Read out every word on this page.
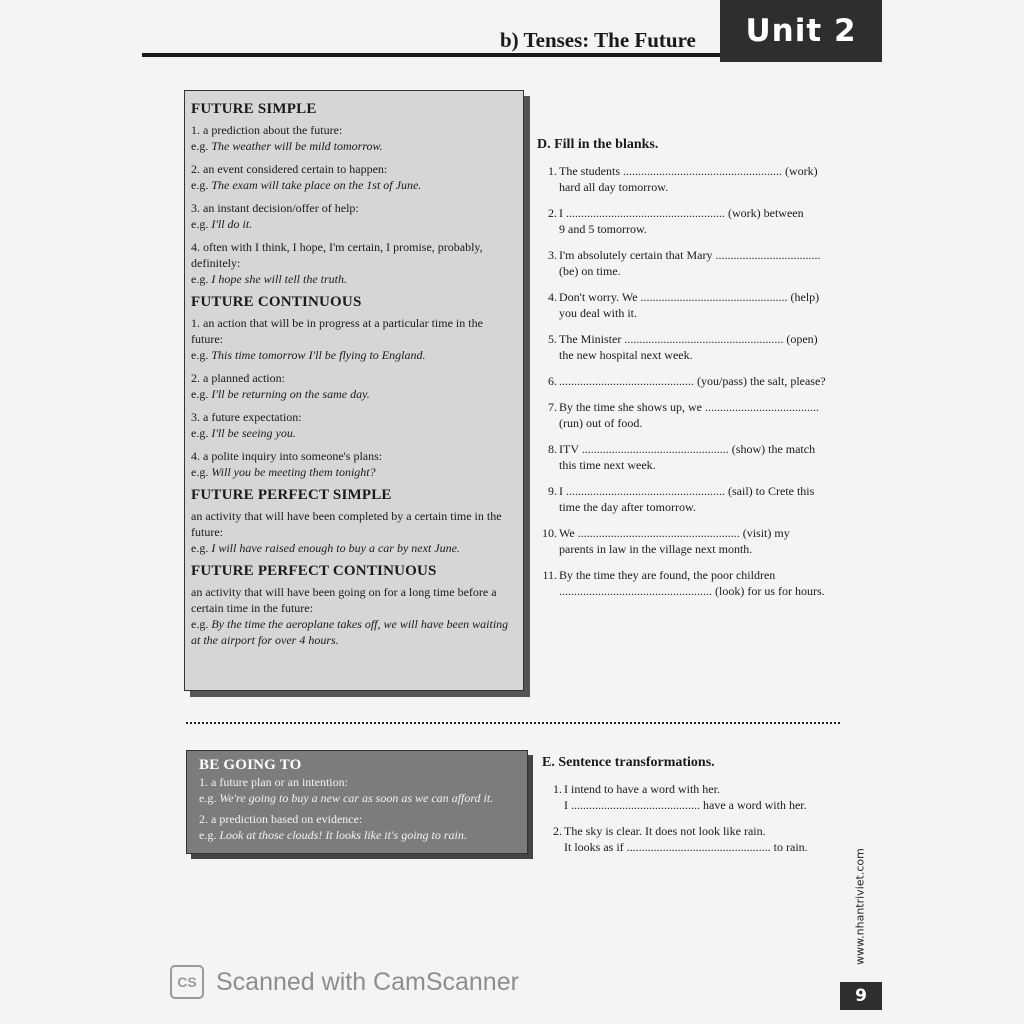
b) Tenses: The Future	Unit 2
FUTURE SIMPLE
1. a prediction about the future:
e.g. The weather will be mild tomorrow.
2. an event considered certain to happen:
e.g. The exam will take place on the 1st of June.
3. an instant decision/offer of help:
e.g. I'll do it.
4. often with I think, I hope, I'm certain, I promise, probably, definitely:
e.g. I hope she will tell the truth.
FUTURE CONTINUOUS
1. an action that will be in progress at a particular time in the future:
e.g. This time tomorrow I'll be flying to England.
2. a planned action:
e.g. I'll be returning on the same day.
3. a future expectation:
e.g. I'll be seeing you.
4. a polite inquiry into someone's plans:
e.g. Will you be meeting them tonight?
FUTURE PERFECT SIMPLE
an activity that will have been completed by a certain time in the future:
e.g. I will have raised enough to buy a car by next June.
FUTURE PERFECT CONTINUOUS
an activity that will have been going on for a long time before a certain time in the future:
e.g. By the time the aeroplane takes off, we will have been waiting at the airport for over 4 hours.
D. Fill in the blanks.
1. The students ..................................................... (work)
hard all day tomorrow.
2. I ..................................................... (work) between
9 and 5 tomorrow.
3. I'm absolutely certain that Mary ...................................
(be) on time.
4. Don't worry. We ................................................. (help)
you deal with it.
5. The Minister ..................................................... (open)
the new hospital next week.
6. ............................................. (you/pass) the salt, please?
7. By the time she shows up, we ......................................
(run) out of food.
8. ITV ................................................. (show) the match
this time next week.
9. I ..................................................... (sail) to Crete this
time the day after tomorrow.
10. We ...................................................... (visit) my
parents in law in the village next month.
11. By the time they are found, the poor children
................................................... (look) for us for hours.
BE GOING TO
1. a future plan or an intention:
e.g. We're going to buy a new car as soon as we can afford it.
2. a prediction based on evidence:
e.g. Look at those clouds! It looks like it's going to rain.
E. Sentence transformations.
1. I intend to have a word with her.
I ........................................... have a word with her.
2. The sky is clear. It does not look like rain.
It looks as if ................................................ to rain.
www.nhantriviet.com
CS Scanned with CamScanner
9
